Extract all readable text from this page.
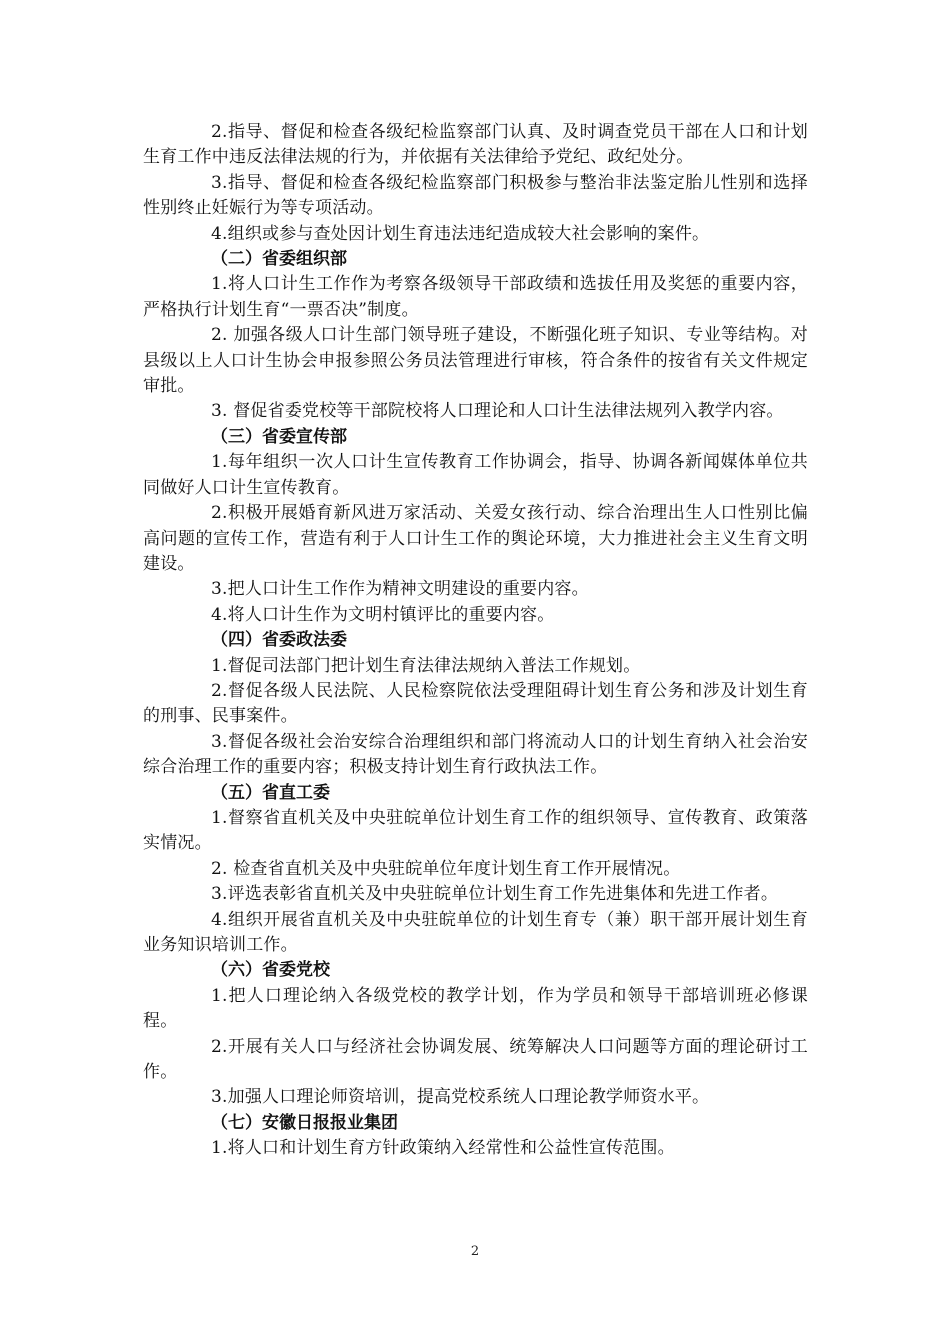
2.指导、督促和检查各级纪检监察部门认真、及时调查党员干部在人口和计划生育工作中违反法律法规的行为，并依据有关法律给予党纪、政纪处分。

3.指导、督促和检查各级纪检监察部门积极参与整治非法鉴定胎儿性别和选择性别终止妊娠行为等专项活动。

4.组织或参与查处因计划生育违法违纪造成较大社会影响的案件。

（二）省委组织部

1.将人口计生工作作为考察各级领导干部政绩和选拔任用及奖惩的重要内容，严格执行计划生育“一票否决”制度。

2. 加强各级人口计生部门领导班子建设，不断强化班子知识、专业等结构。对县级以上人口计生协会申报参照公务员法管理进行审核，符合条件的按省有关文件规定审批。

3. 督促省委党校等干部院校将人口理论和人口计生法律法规列入教学内容。

（三）省委宣传部

1.每年组织一次人口计生宣传教育工作协调会，指导、协调各新闻媒体单位共同做好人口计生宣传教育。

2.积极开展婚育新风进万家活动、关爱女孩行动、综合治理出生人口性别比偏高问题的宣传工作，营造有利于人口计生工作的舆论环境，大力推进社会主义生育文明建设。

3.把人口计生工作作为精神文明建设的重要内容。

4.将人口计生作为文明村镇评比的重要内容。

（四）省委政法委

1.督促司法部门把计划生育法律法规纳入普法工作规划。

2.督促各级人民法院、人民检察院依法受理阻碍计划生育公务和涉及计划生育的刑事、民事案件。

3.督促各级社会治安综合治理组织和部门将流动人口的计划生育纳入社会治安综合治理工作的重要内容；积极支持计划生育行政执法工作。

（五）省直工委

1.督察省直机关及中央驻皖单位计划生育工作的组织领导、宣传教育、政策落实情况。

2. 检查省直机关及中央驻皖单位年度计划生育工作开展情况。

3.评选表彰省直机关及中央驻皖单位计划生育工作先进集体和先进工作者。

4.组织开展省直机关及中央驻皖单位的计划生育专（兼）职干部开展计划生育业务知识培训工作。

（六）省委党校

1.把人口理论纳入各级党校的教学计划，作为学员和领导干部培训班必修课程。

2.开展有关人口与经济社会协调发展、统筹解决人口问题等方面的理论研讨工作。

3.加强人口理论师资培训，提高党校系统人口理论教学师资水平。

（七）安徽日报报业集团

1.将人口和计划生育方针政策纳入经常性和公益性宣传范围。

2
